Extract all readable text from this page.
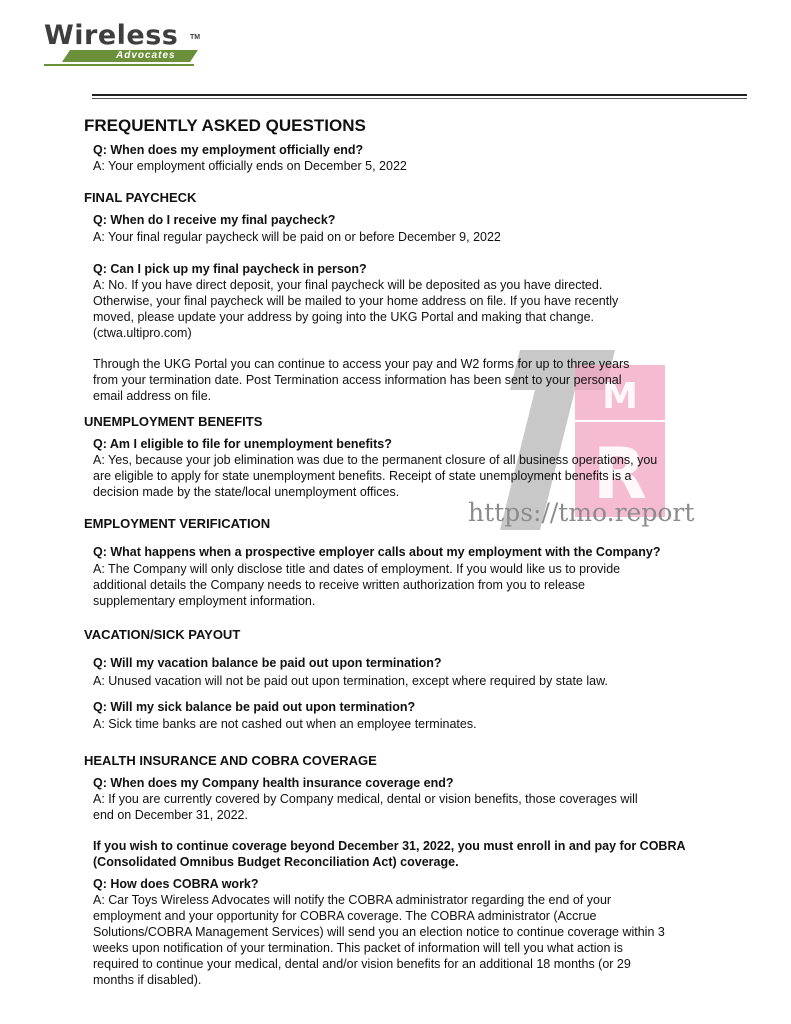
Wireless TM
Advocates
M
R
https://tmo.report
FREQUENTLY ASKED QUESTIONS
Q: When does my employment officially end?
A: Your employment officially ends on December 5, 2022
FINAL PAYCHECK
Q: When do I receive my final paycheck?
A: Your final regular paycheck will be paid on or before December 9, 2022
Q: Can I pick up my final paycheck in person?
A: No. If you have direct deposit, your final paycheck will be deposited as you have directed.
Otherwise, your final paycheck will be mailed to your home address on file. If you have recently
moved, please update your address by going into the UKG Portal and making that change.
(ctwa.ultipro.com)
Through the UKG Portal you can continue to access your pay and W2 forms for up to three years
from your termination date. Post Termination access information has been sent to your personal
email address on file.
UNEMPLOYMENT BENEFITS
Q: Am I eligible to file for unemployment benefits?
A: Yes, because your job elimination was due to the permanent closure of all business operations, you
are eligible to apply for state unemployment benefits. Receipt of state unemployment benefits is a
decision made by the state/local unemployment offices.
EMPLOYMENT VERIFICATION
Q: What happens when a prospective employer calls about my employment with the Company?
A: The Company will only disclose title and dates of employment. If you would like us to provide
additional details the Company needs to receive written authorization from you to release
supplementary employment information.
VACATION/SICK PAYOUT
Q: Will my vacation balance be paid out upon termination?
A: Unused vacation will not be paid out upon termination, except where required by state law.
Q: Will my sick balance be paid out upon termination?
A: Sick time banks are not cashed out when an employee terminates.
HEALTH INSURANCE AND COBRA COVERAGE
Q: When does my Company health insurance coverage end?
A: If you are currently covered by Company medical, dental or vision benefits, those coverages will
end on December 31, 2022.
If you wish to continue coverage beyond December 31, 2022, you must enroll in and pay for COBRA
(Consolidated Omnibus Budget Reconciliation Act) coverage.
Q: How does COBRA work?
A: Car Toys Wireless Advocates will notify the COBRA administrator regarding the end of your
employment and your opportunity for COBRA coverage. The COBRA administrator (Accrue
Solutions/COBRA Management Services) will send you an election notice to continue coverage within 3
weeks upon notification of your termination. This packet of information will tell you what action is
required to continue your medical, dental and/or vision benefits for an additional 18 months (or 29
months if disabled).
